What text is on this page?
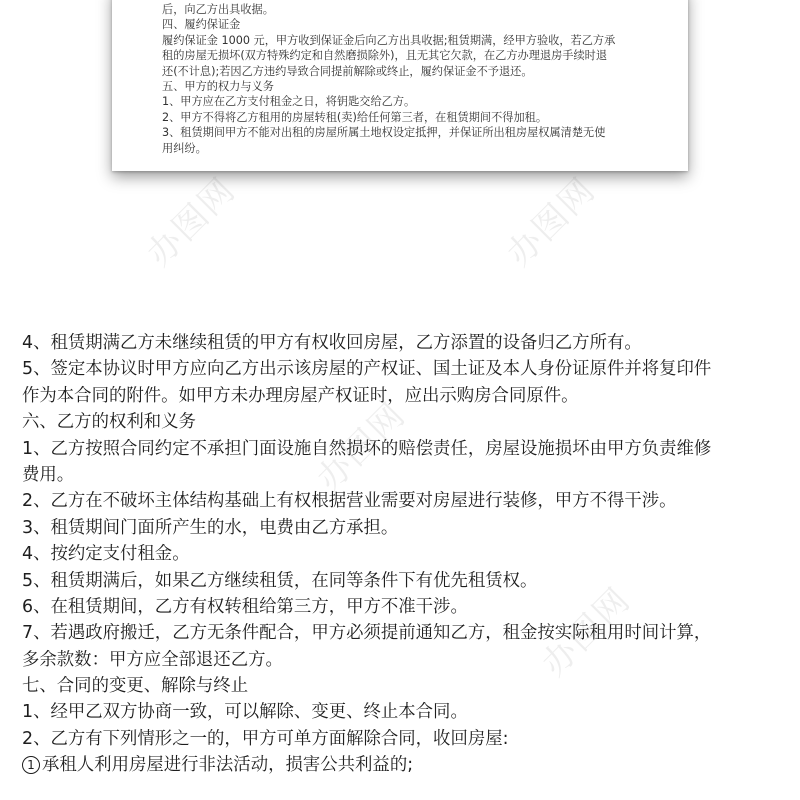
办图网	办图网
办图网
办图网
后，向乙方出具收据。
四、履约保证金
履约保证金 1000 元，甲方收到保证金后向乙方出具收据;租赁期满，经甲方验收，若乙方承
租的房屋无损坏(双方特殊约定和自然磨损除外)，且无其它欠款，在乙方办理退房手续时退
还(不计息);若因乙方违约导致合同提前解除或终止，履约保证金不予退还。
五、甲方的权力与义务
1、甲方应在乙方支付租金之日，将钥匙交给乙方。
2、甲方不得将乙方租用的房屋转租(卖)给任何第三者，在租赁期间不得加租。
3、租赁期间甲方不能对出租的房屋所属土地权设定抵押，并保证所出租房屋权属清楚无使
用纠纷。
4、租赁期满乙方未继续租赁的甲方有权收回房屋，乙方添置的设备归乙方所有。
5、签定本协议时甲方应向乙方出示该房屋的产权证、国土证及本人身份证原件并将复印件
作为本合同的附件。如甲方未办理房屋产权证时，应出示购房合同原件。
六、乙方的权利和义务
1、乙方按照合同约定不承担门面设施自然损坏的赔偿责任，房屋设施损坏由甲方负责维修
费用。
2、乙方在不破坏主体结构基础上有权根据营业需要对房屋进行装修，甲方不得干涉。
3、租赁期间门面所产生的水，电费由乙方承担。
4、按约定支付租金。
5、租赁期满后，如果乙方继续租赁，在同等条件下有优先租赁权。
6、在租赁期间，乙方有权转租给第三方，甲方不准干涉。
7、若遇政府搬迁，乙方无条件配合，甲方必须提前通知乙方，租金按实际租用时间计算，
多余款数：甲方应全部退还乙方。
七、合同的变更、解除与终止
1、经甲乙双方协商一致，可以解除、变更、终止本合同。
2、乙方有下列情形之一的，甲方可单方面解除合同，收回房屋:
1 承租人利用房屋进行非法活动，损害公共利益的;
